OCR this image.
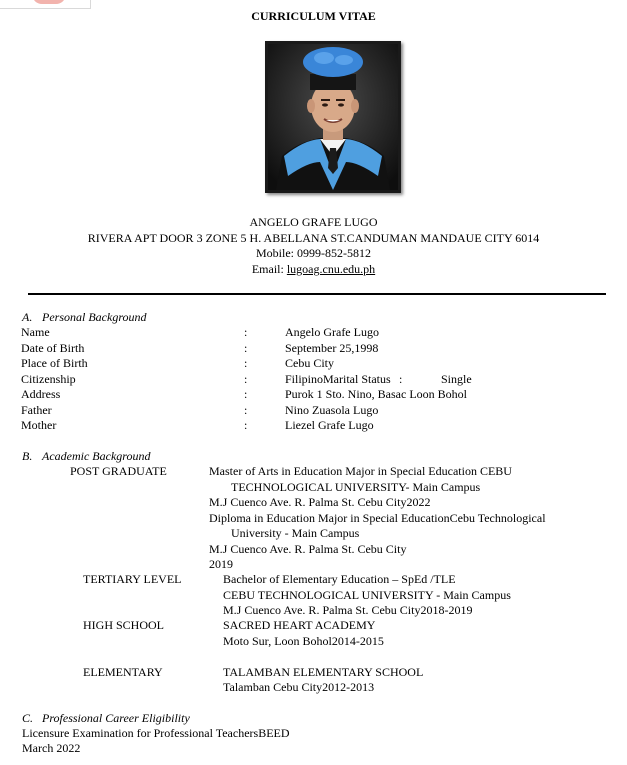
CURRICULUM VITAE
ANGELO GRAFE LUGO
RIVERA APT DOOR 3 ZONE 5 H. ABELLANA ST.CANDUMAN MANDAUE CITY 6014
Mobile: 0999-852-5812
Email: lugoag.cnu.edu.ph
A. Personal Background
Name	:	Angelo Grafe Lugo
Date of Birth	:	September 25,1998
Place of Birth	:	Cebu City
Citizenship	:	FilipinoMarital Status :	Single
Address	:	Purok 1 Sto. Nino, Basac Loon Bohol
Father	:	Nino Zuasola Lugo
Mother	:	Liezel Grafe Lugo
B. Academic Background
POST GRADUATE	Master of Arts in Education Major in Special Education CEBU
TECHNOLOGICAL UNIVERSITY- Main Campus
M.J Cuenco Ave. R. Palma St. Cebu City2022
Diploma in Education Major in Special EducationCebu Technological
University - Main Campus
M.J Cuenco Ave. R. Palma St. Cebu City
2019
TERTIARY LEVEL	Bachelor of Elementary Education – SpEd /TLE
CEBU TECHNOLOGICAL UNIVERSITY - Main Campus
M.J Cuenco Ave. R. Palma St. Cebu City2018-2019
HIGH SCHOOL	SACRED HEART ACADEMY
Moto Sur, Loon Bohol2014-2015
ELEMENTARY	TALAMBAN ELEMENTARY SCHOOL
Talamban Cebu City2012-2013
C. Professional Career Eligibility
Licensure Examination for Professional TeachersBEED
March 2022
